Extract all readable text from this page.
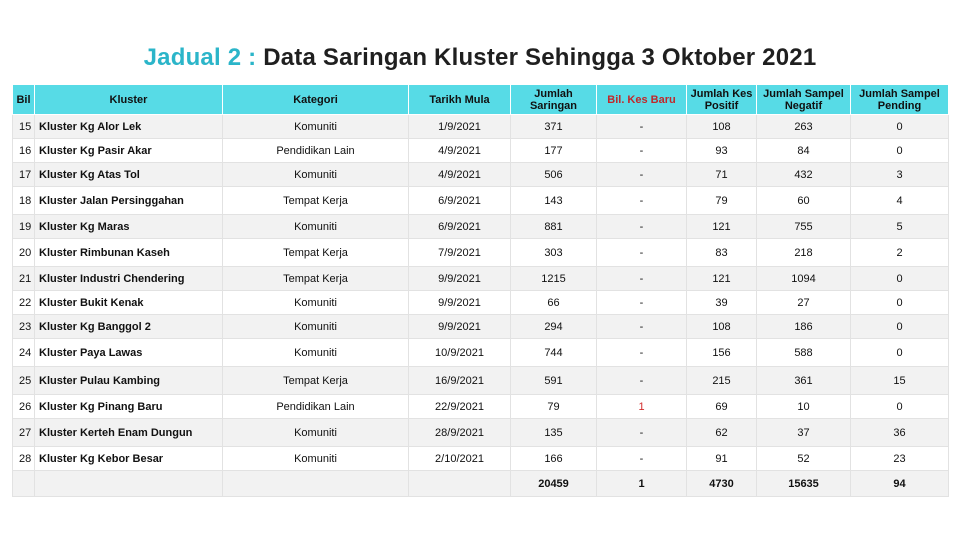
Jadual 2 : Data Saringan Kluster Sehingga 3 Oktober 2021
Bil	Kluster	Kategori	Tarikh Mula	Jumlah Saringan	Bil. Kes Baru	Jumlah Kes Positif	Jumlah Sampel Negatif	Jumlah Sampel Pending
15	Kluster Kg Alor Lek	Komuniti	1/9/2021	371	-	108	263	0
16	Kluster Kg Pasir Akar	Pendidikan Lain	4/9/2021	177	-	93	84	0
17	Kluster Kg Atas Tol	Komuniti	4/9/2021	506	-	71	432	3
18	Kluster Jalan Persinggahan	Tempat Kerja	6/9/2021	143	-	79	60	4
19	Kluster Kg Maras	Komuniti	6/9/2021	881	-	121	755	5
20	Kluster Rimbunan Kaseh	Tempat Kerja	7/9/2021	303	-	83	218	2
21	Kluster Industri Chendering	Tempat Kerja	9/9/2021	1215	-	121	1094	0
22	Kluster Bukit Kenak	Komuniti	9/9/2021	66	-	39	27	0
23	Kluster Kg Banggol 2	Komuniti	9/9/2021	294	-	108	186	0
24	Kluster Paya Lawas	Komuniti	10/9/2021	744	-	156	588	0
25	Kluster Pulau Kambing	Tempat Kerja	16/9/2021	591	-	215	361	15
26	Kluster Kg Pinang Baru	Pendidikan Lain	22/9/2021	79	1	69	10	0
27	Kluster Kerteh Enam Dungun	Komuniti	28/9/2021	135	-	62	37	36
28	Kluster Kg Kebor Besar	Komuniti	2/10/2021	166	-	91	52	23
				20459	1	4730	15635	94
